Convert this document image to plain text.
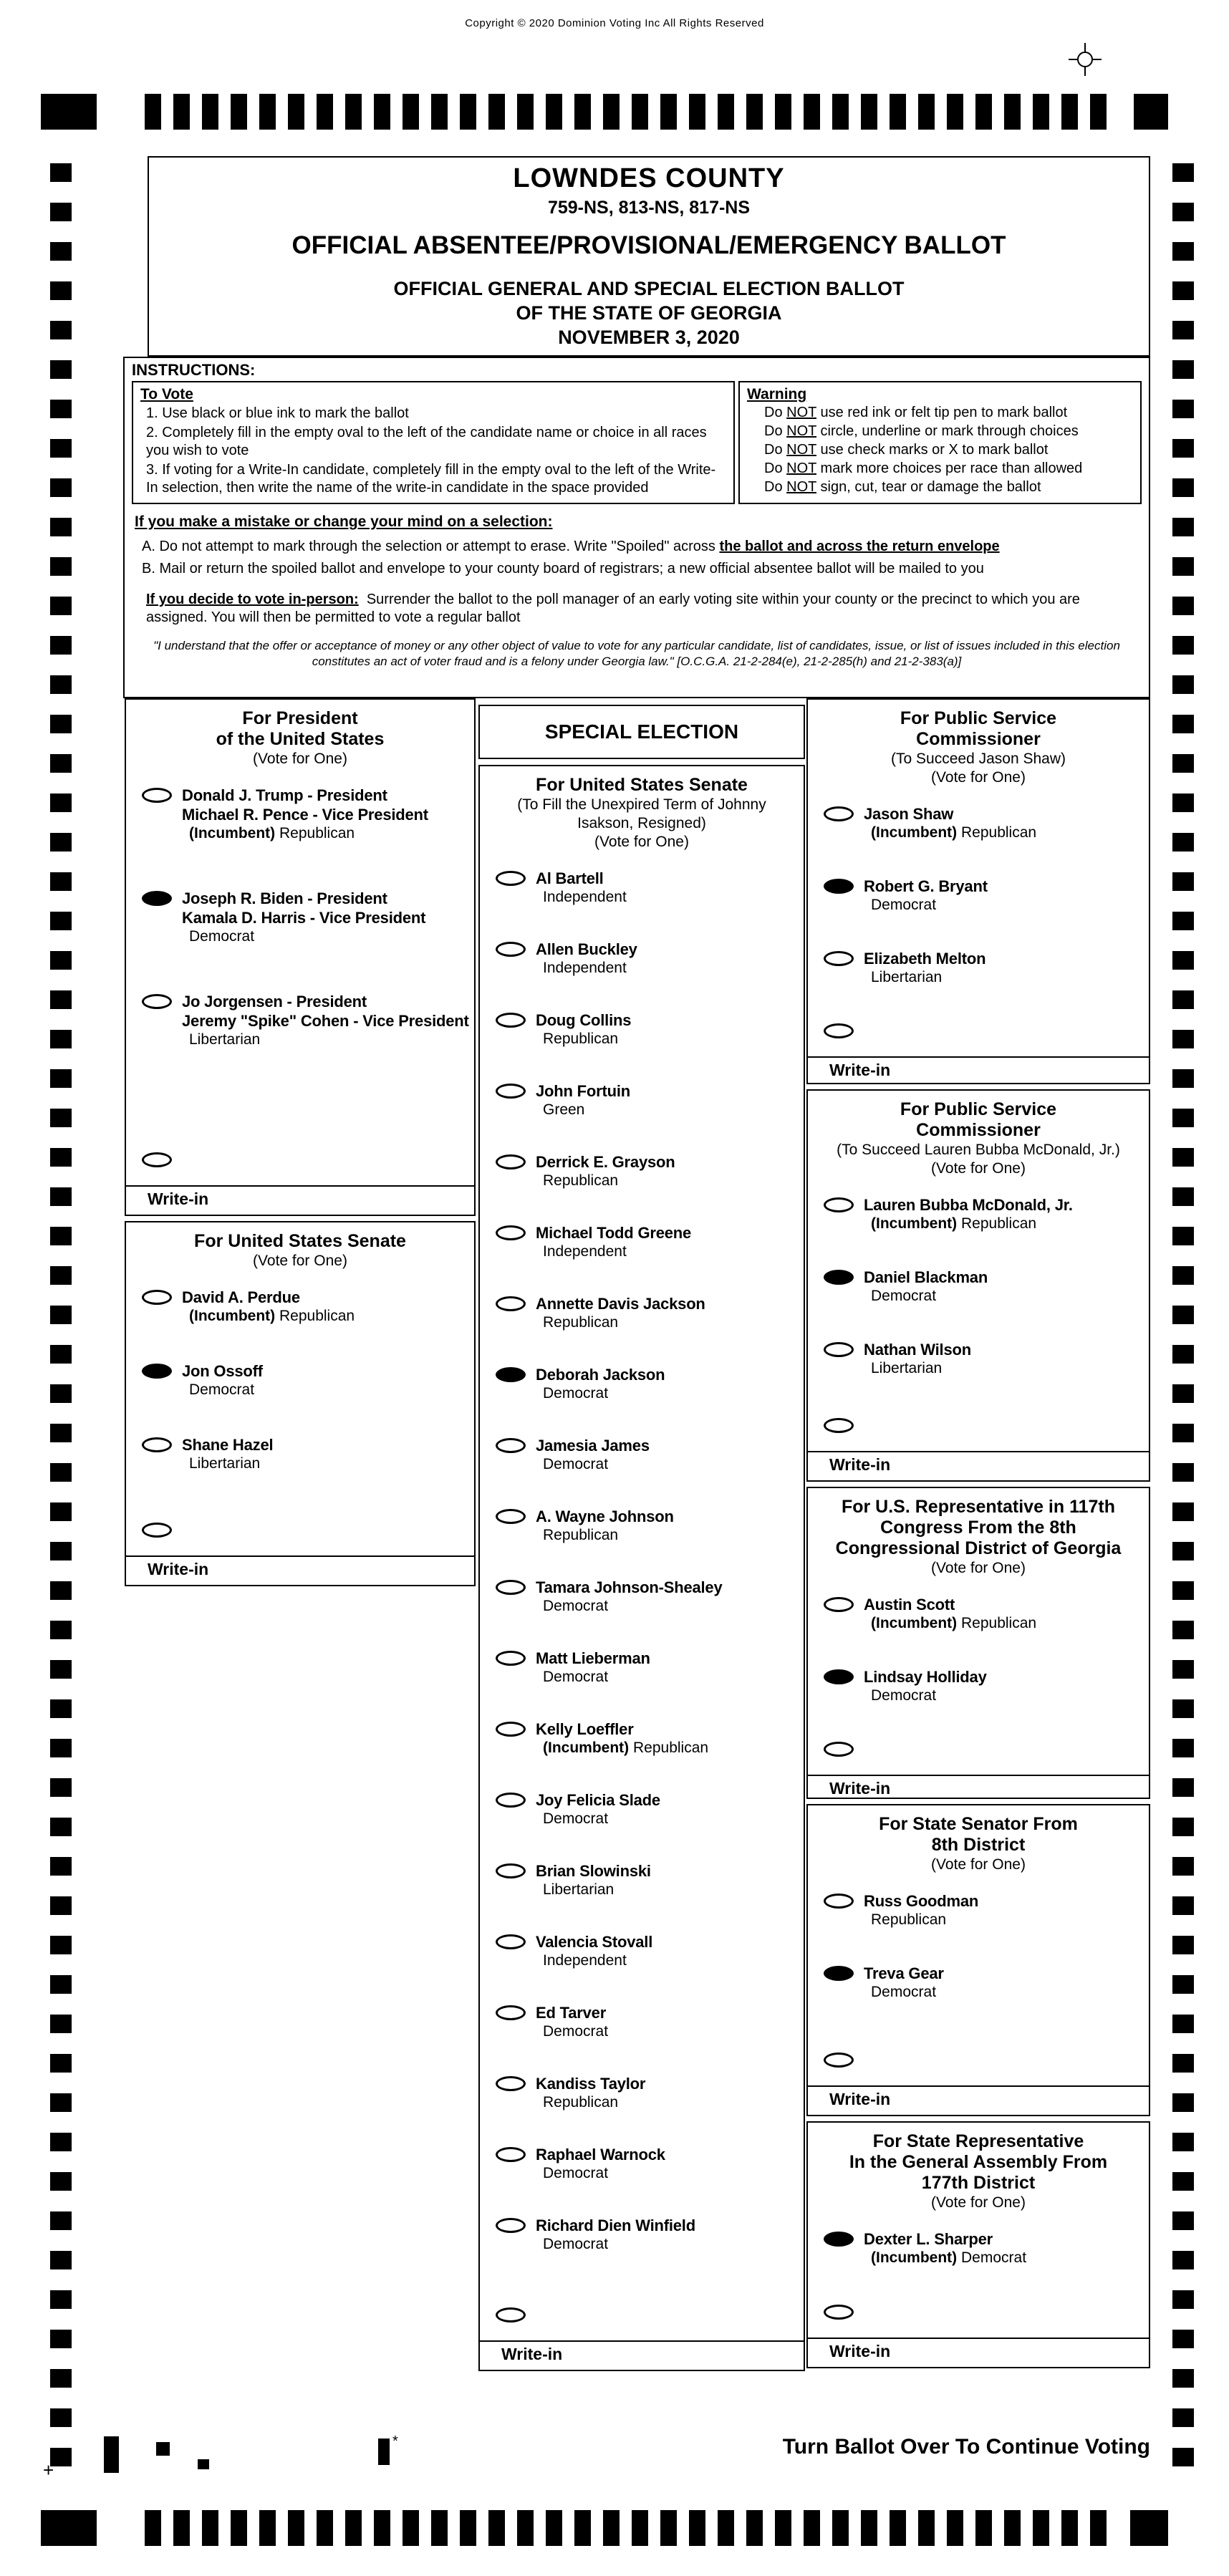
Copyright © 2020 Dominion Voting Inc All Rights Reserved
LOWNDES COUNTY
759-NS, 813-NS, 817-NS
OFFICIAL ABSENTEE/PROVISIONAL/EMERGENCY BALLOT
OFFICIAL GENERAL AND SPECIAL ELECTION BALLOT
OF THE STATE OF GEORGIA
NOVEMBER 3, 2020
INSTRUCTIONS:
To Vote
1. Use black or blue ink to mark the ballot
2. Completely fill in the empty oval to the left of the candidate name or choice in all races you wish to vote
3. If voting for a Write-In candidate, completely fill in the empty oval to the left of the Write-In selection, then write the name of the write-in candidate in the space provided
Warning
Do NOT use red ink or felt tip pen to mark ballot
Do NOT circle, underline or mark through choices
Do NOT use check marks or X to mark ballot
Do NOT mark more choices per race than allowed
Do NOT sign, cut, tear or damage the ballot
If you make a mistake or change your mind on a selection:
A. Do not attempt to mark through the selection or attempt to erase. Write "Spoiled" across the ballot and across the return envelope
B. Mail or return the spoiled ballot and envelope to your county board of registrars; a new official absentee ballot will be mailed to you
If you decide to vote in-person: Surrender the ballot to the poll manager of an early voting site within your county or the precinct to which you are assigned. You will then be permitted to vote a regular ballot
"I understand that the offer or acceptance of money or any other object of value to vote for any particular candidate, list of candidates, issue, or list of issues included in this election constitutes an act of voter fraud and is a felony under Georgia law." [O.C.G.A. 21-2-284(e), 21-2-285(h) and 21-2-383(a)]
For President
of the United States
(Vote for One)
Donald J. Trump - President
Michael R. Pence - Vice President
(Incumbent) Republican
Joseph R. Biden - President
Kamala D. Harris - Vice President
Democrat
Jo Jorgensen - President
Jeremy "Spike" Cohen - Vice President
Libertarian
Write-in
For United States Senate
(Vote for One)
David A. Perdue
(Incumbent) Republican
Jon Ossoff
Democrat
Shane Hazel
Libertarian
Write-in
SPECIAL ELECTION
For United States Senate
(To Fill the Unexpired Term of Johnny
Isakson, Resigned)
(Vote for One)
Al Bartell
Independent
Allen Buckley
Independent
Doug Collins
Republican
John Fortuin
Green
Derrick E. Grayson
Republican
Michael Todd Greene
Independent
Annette Davis Jackson
Republican
Deborah Jackson
Democrat
Jamesia James
Democrat
A. Wayne Johnson
Republican
Tamara Johnson-Shealey
Democrat
Matt Lieberman
Democrat
Kelly Loeffler
(Incumbent) Republican
Joy Felicia Slade
Democrat
Brian Slowinski
Libertarian
Valencia Stovall
Independent
Ed Tarver
Democrat
Kandiss Taylor
Republican
Raphael Warnock
Democrat
Richard Dien Winfield
Democrat
Write-in
For Public Service
Commissioner
(To Succeed Jason Shaw)
(Vote for One)
Jason Shaw
(Incumbent) Republican
Robert G. Bryant
Democrat
Elizabeth Melton
Libertarian
Write-in
For Public Service
Commissioner
(To Succeed Lauren Bubba McDonald, Jr.)
(Vote for One)
Lauren Bubba McDonald, Jr.
(Incumbent) Republican
Daniel Blackman
Democrat
Nathan Wilson
Libertarian
Write-in
For U.S. Representative in 117th
Congress From the 8th
Congressional District of Georgia
(Vote for One)
Austin Scott
(Incumbent) Republican
Lindsay Holliday
Democrat
Write-in
For State Senator From
8th District
(Vote for One)
Russ Goodman
Republican
Treva Gear
Democrat
Write-in
For State Representative
In the General Assembly From
177th District
(Vote for One)
Dexter L. Sharper
(Incumbent) Democrat
Write-in
Turn Ballot Over To Continue Voting
+
*
